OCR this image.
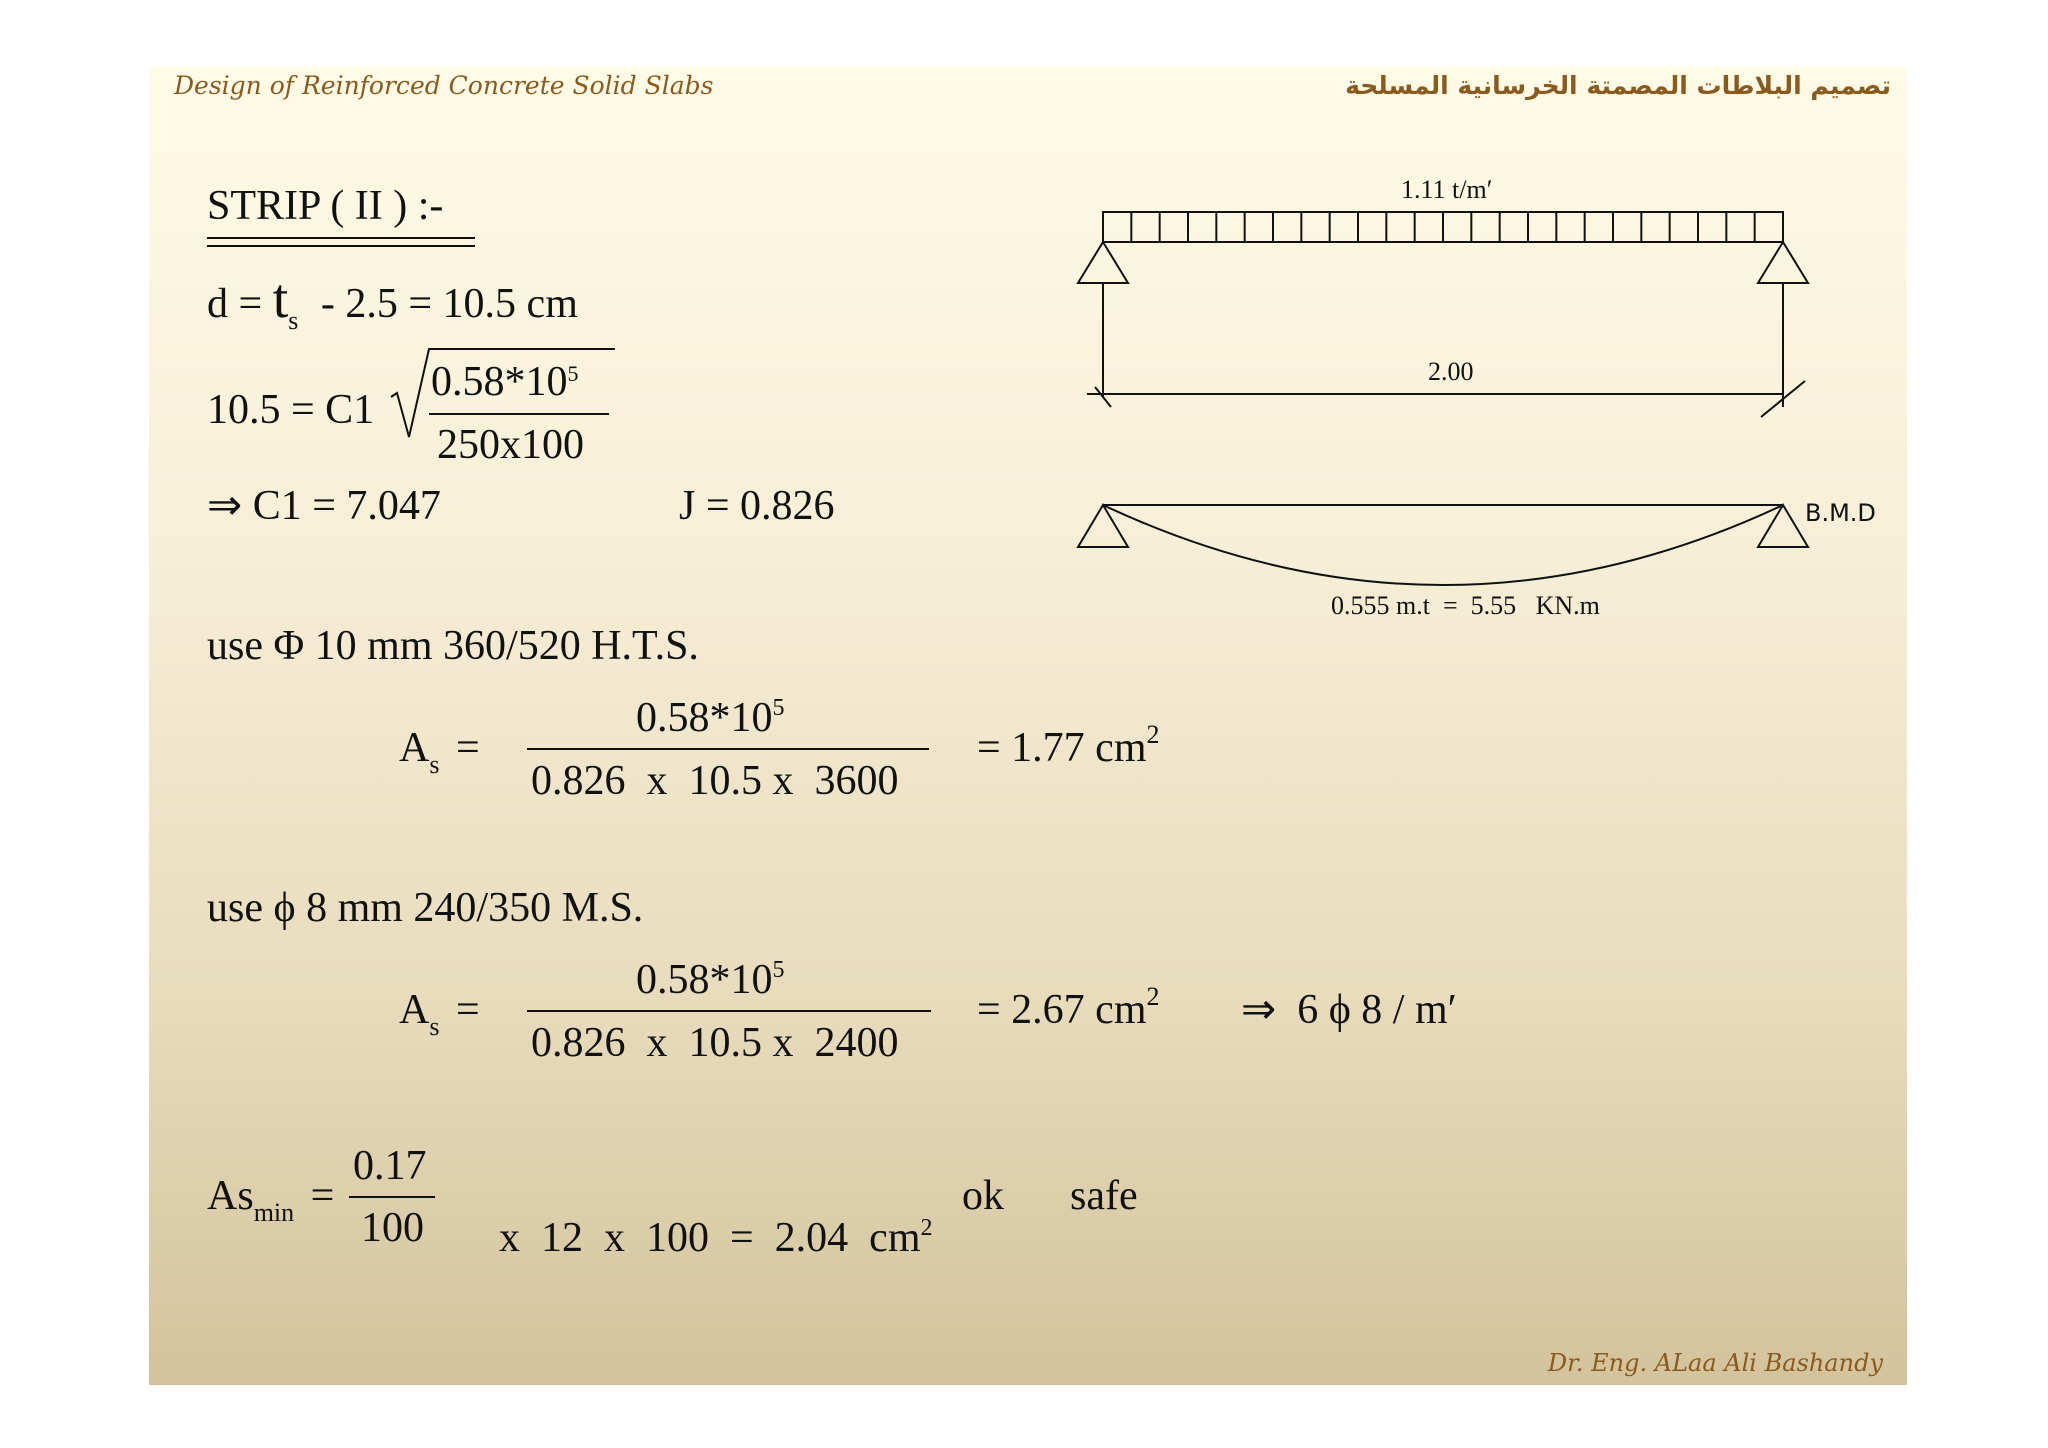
Design of Reinforced Concrete Solid Slabs	تصميم البلاطات المصمتة الخرسانية المسلحة
STRIP ( II ) :-
$d = t_s - 2.5 = 10.5$ cm
10.5 = C1
$0.58*10^5$
250x100
⇒ C1 = 7.047	J = 0.826
use Φ 10 mm 360/520 H.T.S.
$A_s$ =
$0.58*10^5$
0.826  x  10.5 x  3600
= 1.77 $cm^2$
use ϕ 8 mm 240/350 M.S.
$A_s$ =
$0.58*10^5$
0.826  x  10.5 x  2400
= 2.67 $cm^2$ ⇒  6 ϕ 8 / m′
$As_{min}$ =
0.17
100	x  12  x  100  =  2.04  $cm^2$

ok safe
1.11 t/m′
2.00
B.M.D
0.555 m.t  =  5.55   KN.m
Dr. Eng. ALaa Ali Bashandy
